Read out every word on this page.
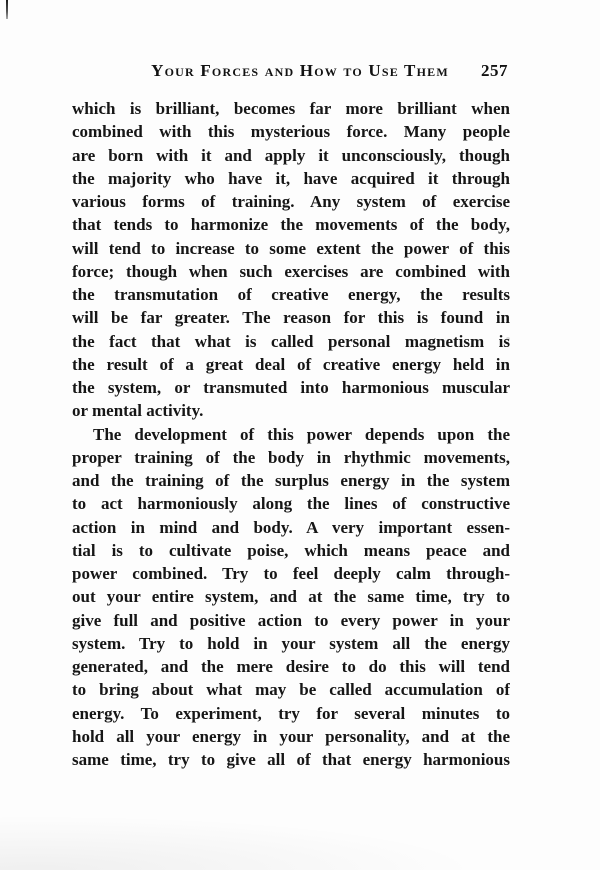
Your Forces and How to Use Them 257
which is brilliant, becomes far more brilliant when
combined with this mysterious force. Many people
are born with it and apply it unconsciously, though
the majority who have it, have acquired it through
various forms of training. Any system of exercise
that tends to harmonize the movements of the body,
will tend to increase to some extent the power of this
force; though when such exercises are combined with
the transmutation of creative energy, the results
will be far greater. The reason for this is found in
the fact that what is called personal magnetism is
the result of a great deal of creative energy held in
the system, or transmuted into harmonious muscular
or mental activity.
The development of this power depends upon the
proper training of the body in rhythmic movements,
and the training of the surplus energy in the system
to act harmoniously along the lines of constructive
action in mind and body. A very important essen-
tial is to cultivate poise, which means peace and
power combined. Try to feel deeply calm through-
out your entire system, and at the same time, try to
give full and positive action to every power in your
system. Try to hold in your system all the energy
generated, and the mere desire to do this will tend
to bring about what may be called accumulation of
energy. To experiment, try for several minutes to
hold all your energy in your personality, and at the
same time, try to give all of that energy harmonious
